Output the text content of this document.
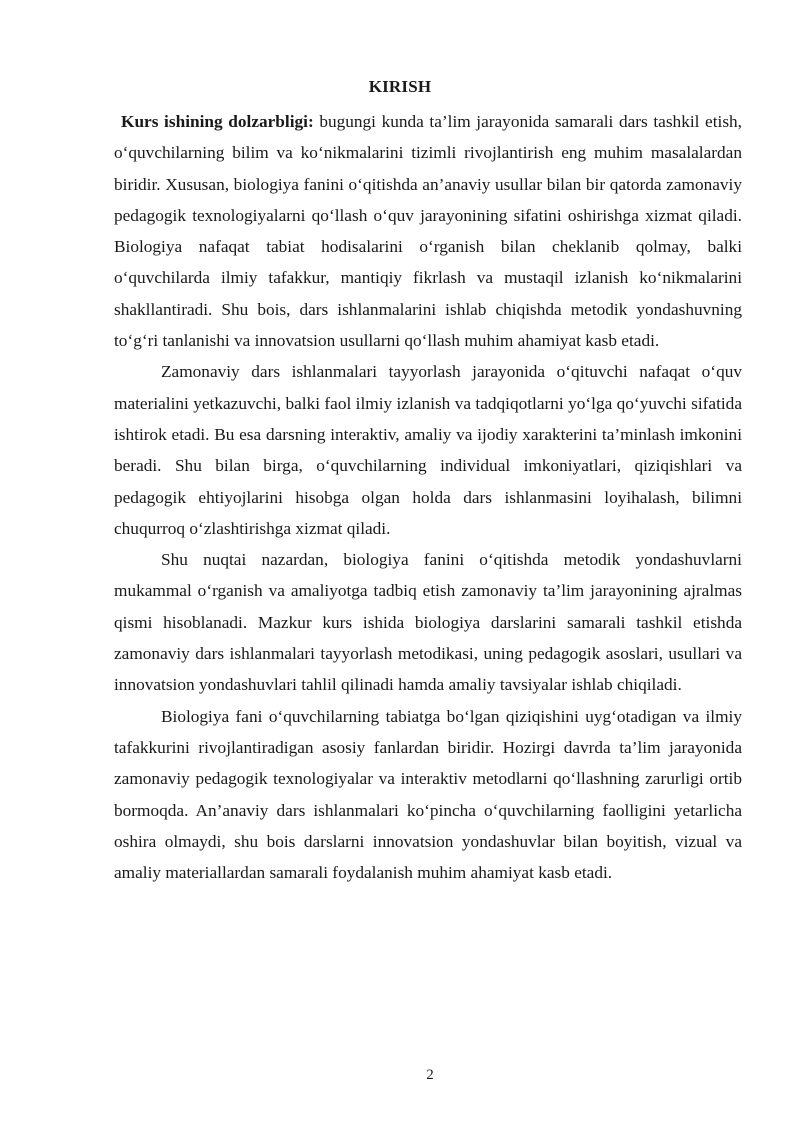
KIRISH

Kurs ishining dolzarbligi: bugungi kunda ta’lim jarayonida samarali dars tashkil etish, o‘quvchilarning bilim va ko‘nikmalarini tizimli rivojlantirish eng muhim masalalardan biridir. Xususan, biologiya fanini o‘qitishda an’anaviy usullar bilan bir qatorda zamonaviy pedagogik texnologiyalarni qo‘llash o‘quv jarayonining sifatini oshirishga xizmat qiladi. Biologiya nafaqat tabiat hodisalarini o‘rganish bilan cheklanib qolmay, balki o‘quvchilarda ilmiy tafakkur, mantiqiy fikrlash va mustaqil izlanish ko‘nikmalarini shakllantiradi. Shu bois, dars ishlanmalarini ishlab chiqishda metodik yondashuvning to‘g‘ri tanlanishi va innovatsion usullarni qo‘llash muhim ahamiyat kasb etadi.

Zamonaviy dars ishlanmalari tayyorlash jarayonida o‘qituvchi nafaqat o‘quv materialini yetkazuvchi, balki faol ilmiy izlanish va tadqiqotlarni yo‘lga qo‘yuvchi sifatida ishtirok etadi. Bu esa darsning interaktiv, amaliy va ijodiy xarakterini ta’minlash imkonini beradi. Shu bilan birga, o‘quvchilarning individual imkoniyatlari, qiziqishlari va pedagogik ehtiyojlarini hisobga olgan holda dars ishlanmasini loyihalash, bilimni chuqurroq o‘zlashtirishga xizmat qiladi.

Shu nuqtai nazardan, biologiya fanini o‘qitishda metodik yondashuvlarni mukammal o‘rganish va amaliyotga tadbiq etish zamonaviy ta’lim jarayonining ajralmas qismi hisoblanadi. Mazkur kurs ishida biologiya darslarini samarali tashkil etishda zamonaviy dars ishlanmalari tayyorlash metodikasi, uning pedagogik asoslari, usullari va innovatsion yondashuvlari tahlil qilinadi hamda amaliy tavsiyalar ishlab chiqiladi.

Biologiya fani o‘quvchilarning tabiatga bo‘lgan qiziqishini uyg‘otadigan va ilmiy tafakkurini rivojlantiradigan asosiy fanlardan biridir. Hozirgi davrda ta’lim jarayonida zamonaviy pedagogik texnologiyalar va interaktiv metodlarni qo‘llashning zarurligi ortib bormoqda. An’anaviy dars ishlanmalari ko‘pincha o‘quvchilarning faolligini yetarlicha oshira olmaydi, shu bois darslarni innovatsion yondashuvlar bilan boyitish, vizual va amaliy materiallardan samarali foydalanish muhim ahamiyat kasb etadi.

2
